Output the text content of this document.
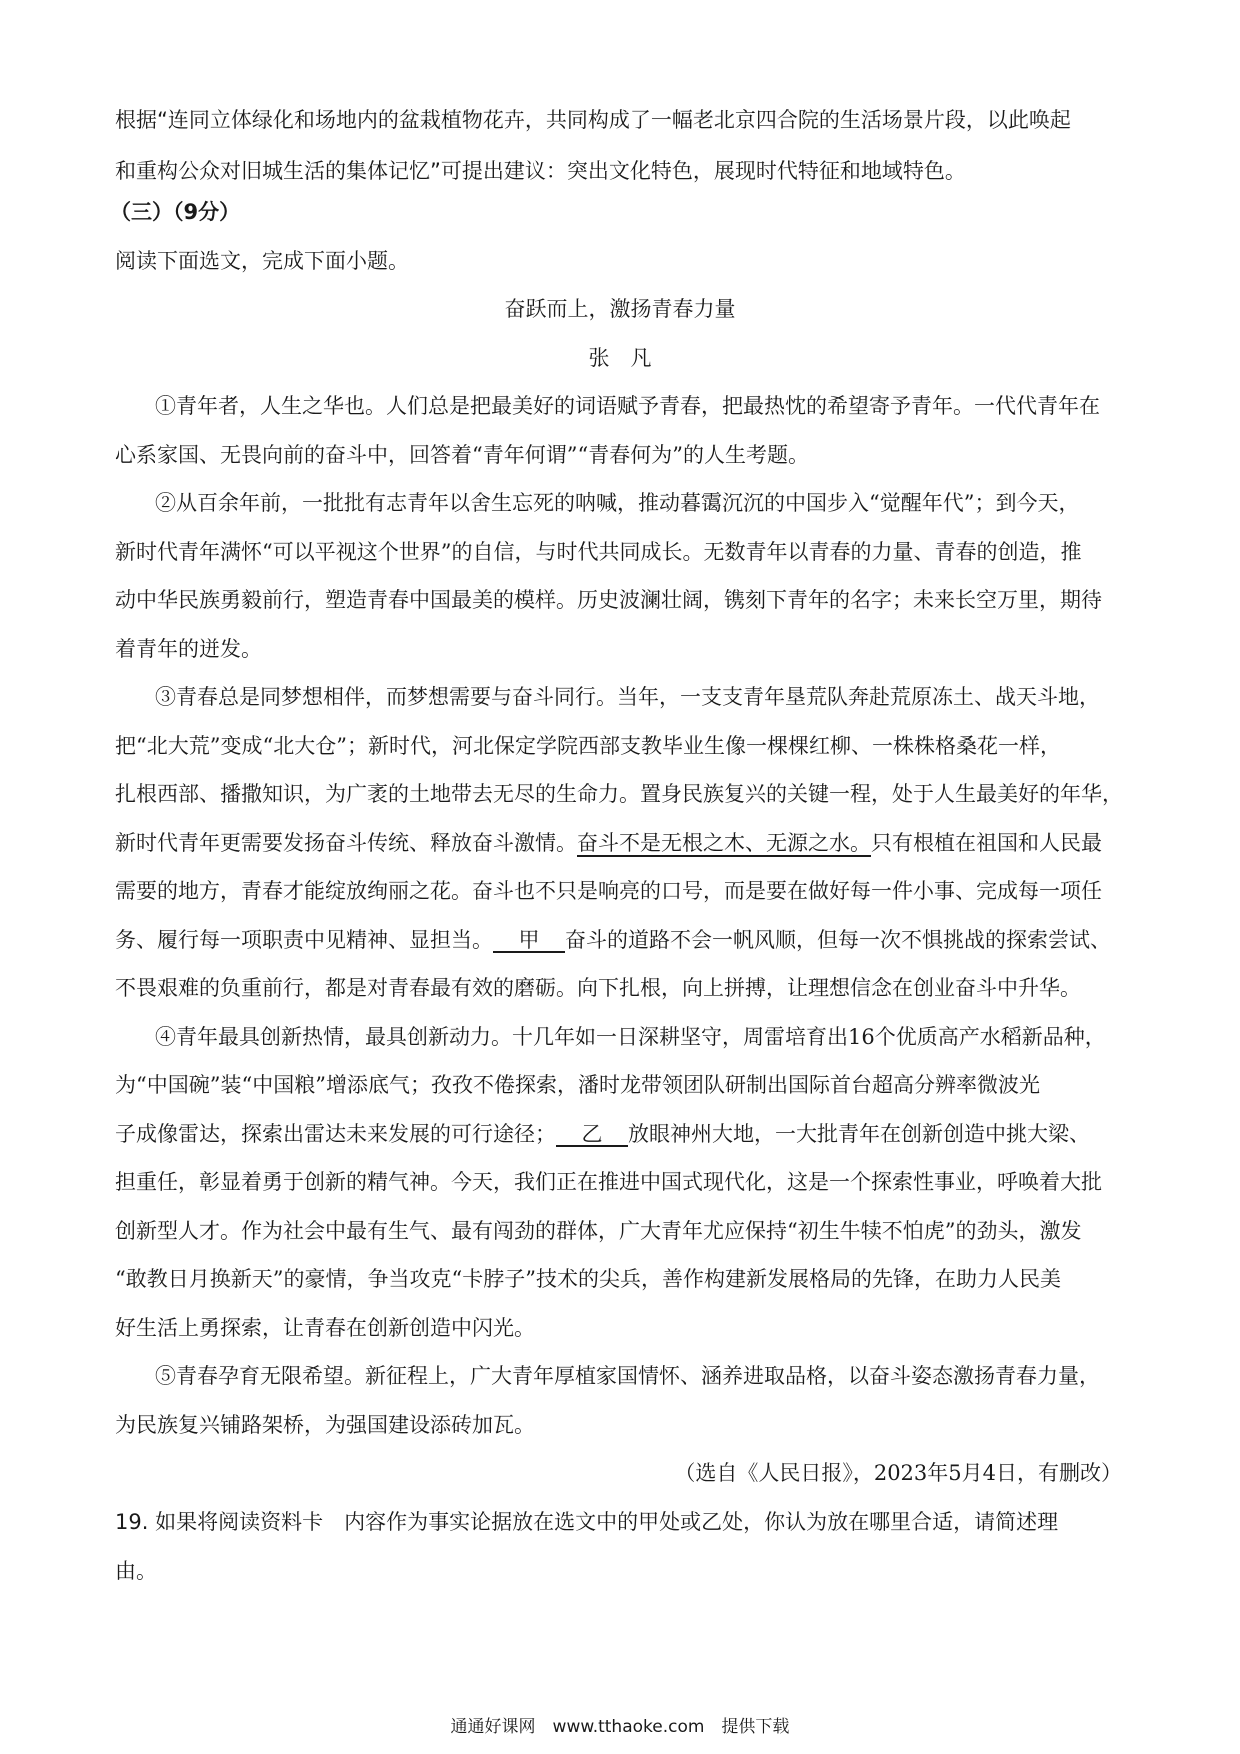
根据“连同立体绿化和场地内的盆栽植物花卉，共同构成了一幅老北京四合院的生活场景片段，以此唤起
和重构公众对旧城生活的集体记忆”可提出建议：突出文化特色，展现时代特征和地域特色。
（三）（9分）
阅读下面选文，完成下面小题。
奋跃而上，激扬青春力量
张　凡
①青年者，人生之华也。人们总是把最美好的词语赋予青春，把最热忱的希望寄予青年。一代代青年在
心系家国、无畏向前的奋斗中，回答着“青年何谓”“青春何为”的人生考题。
②从百余年前，一批批有志青年以舍生忘死的呐喊，推动暮霭沉沉的中国步入“觉醒年代”；到今天，
新时代青年满怀“可以平视这个世界”的自信，与时代共同成长。无数青年以青春的力量、青春的创造，推
动中华民族勇毅前行，塑造青春中国最美的模样。历史波澜壮阔，镌刻下青年的名字；未来长空万里，期待
着青年的迸发。
③青春总是同梦想相伴，而梦想需要与奋斗同行。当年，一支支青年垦荒队奔赴荒原冻土、战天斗地，
把“北大荒”变成“北大仓”；新时代，河北保定学院西部支教毕业生像一棵棵红柳、一株株格桑花一样，
扎根西部、播撒知识，为广袤的土地带去无尽的生命力。置身民族复兴的关键一程，处于人生最美好的年华，
新时代青年更需要发扬奋斗传统、释放奋斗激情。奋斗不是无根之木、无源之水。只有根植在祖国和人民最
需要的地方，青春才能绽放绚丽之花。奋斗也不只是响亮的口号，而是要在做好每一件小事、完成每一项任
务、履行每一项职责中见精神、显担当。 甲 奋斗的道路不会一帆风顺，但每一次不惧挑战的探索尝试、
不畏艰难的负重前行，都是对青春最有效的磨砺。向下扎根，向上拼搏，让理想信念在创业奋斗中升华。
④青年最具创新热情，最具创新动力。十几年如一日深耕坚守，周雷培育出16个优质高产水稻新品种，
为“中国碗”装“中国粮”增添底气；孜孜不倦探索，潘时龙带领团队研制出国际首台超高分辨率微波光
子成像雷达，探索出雷达未来发展的可行途径； 乙 放眼神州大地，一大批青年在创新创造中挑大梁、
担重任，彰显着勇于创新的精气神。今天，我们正在推进中国式现代化，这是一个探索性事业，呼唤着大批
创新型人才。作为社会中最有生气、最有闯劲的群体，广大青年尤应保持“初生牛犊不怕虎”的劲头，激发
“敢教日月换新天”的豪情，争当攻克“卡脖子”技术的尖兵，善作构建新发展格局的先锋，在助力人民美
好生活上勇探索，让青春在创新创造中闪光。
⑤青春孕育无限希望。新征程上，广大青年厚植家国情怀、涵养进取品格，以奋斗姿态激扬青春力量，
为民族复兴铺路架桥，为强国建设添砖加瓦。
（选自《人民日报》，2023年5月4日，有删改）
19. 如果将阅读资料卡　内容作为事实论据放在选文中的甲处或乙处，你认为放在哪里合适，请简述理
由。
通通好课网　www.tthaoke.com　提供下载
